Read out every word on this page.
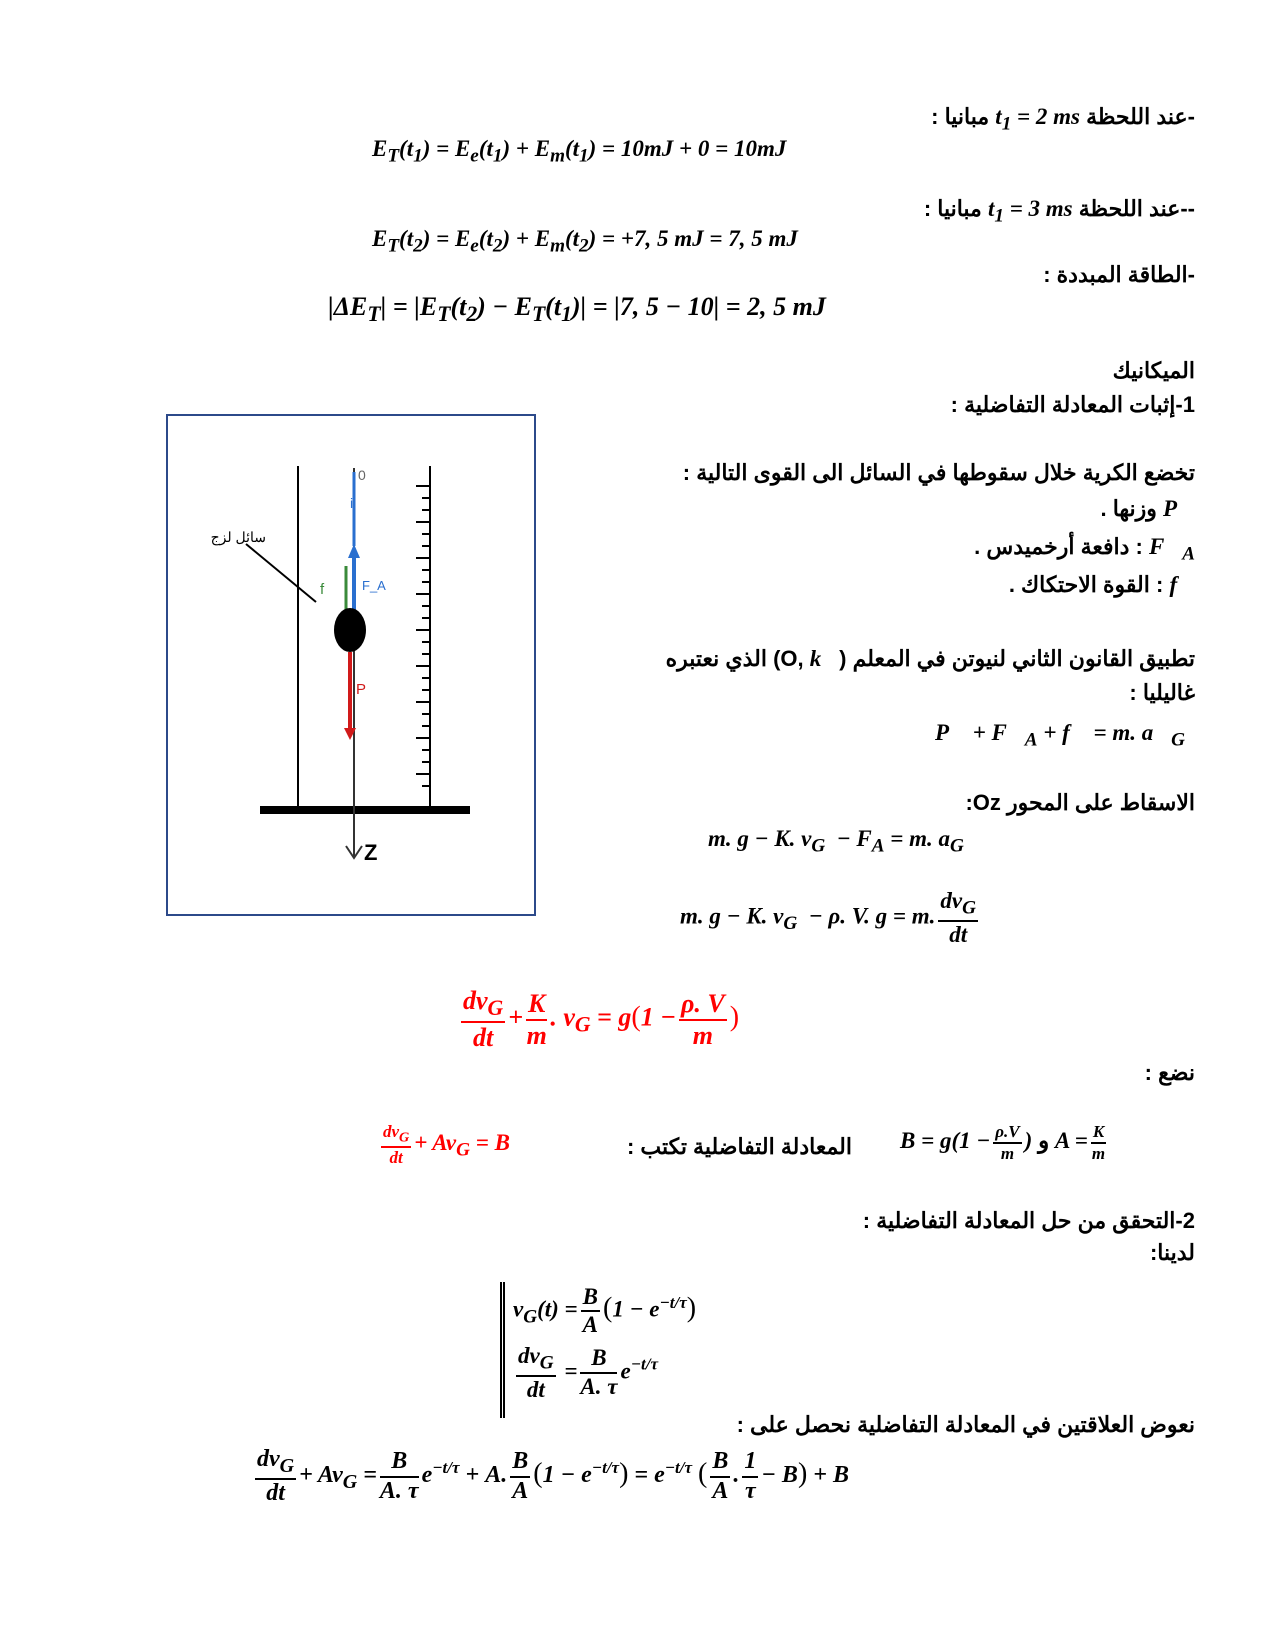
-عند اللحظة $t_1 = 2$ ms مبانيا :
$E_T(t_1) = E_e(t_1) + E_m(t_1) = 10mJ + 0 = 10mJ$
--عند اللحظة $t_1 = 3$ ms مبانيا :
$E_T(t_2) = E_e(t_2) + E_m(t_2) = +7$, 5 mJ = 7, 5 mJ
-الطاقة المبددة :
$|\Delta E_T| = |E_T(t_2) - E_T(t_1)| = |7$, 5 − 10| = 2, 5 mJ
الميكانيك
1-إثبات المعادلة التفاضلية :
تخضع الكرية خلال سقوطها في السائل الى القوى التالية :
P⃗ وزنها .
$F⃗_A$ : دافعة أرخميدس .
f⃗ : القوة الاحتكاك .
تطبيق القانون الثاني لنيوتن في المعلم (O, k⃗) الذي نعتبره
غاليليا :
P⃗ + $F⃗_A$ + f⃗ = m. $a⃗_G$
الاسقاط على المحور Oz:
m. g − K. $v_G - F_A = m$. $a_G$
m. g − K. $v_G - \rho$. V. g = m. $\frac{dv_G}{dt}$
$\frac{dv_G}{dt} + \frac{K}{m}$ . $v_G = g(1 - \frac{\rho. V}{m}$ )
نضع :
$B = g(1 - \frac{\rho.V}{m}$ ) و $A = \frac{K}{m}$
المعادلة التفاضلية تكتب :
$\frac{dv_G}{dt} + Av_G = B$
2-التحقق من حل المعادلة التفاضلية :
لدينا:
$v_G(t) = \frac{B}{A} (1 - e^{-t/\tau})$
$\frac{dv_G}{dt} = \frac{B}{A. \tau} e^{-t/\tau}$
نعوض العلاقتين في المعادلة التفاضلية نحصل على :
$\frac{dv_G}{dt} + Av_G = \frac{B}{A. \tau} e^{-t/\tau} + A$. $\frac{B}{A} (1 - e^{-t/\tau}) = e^{-t/\tau}$ ( $\frac{B}{A}$ . $\frac{1}{\tau} - B) + B$
0
i
f	F_A
P
Z
سائل لزج
